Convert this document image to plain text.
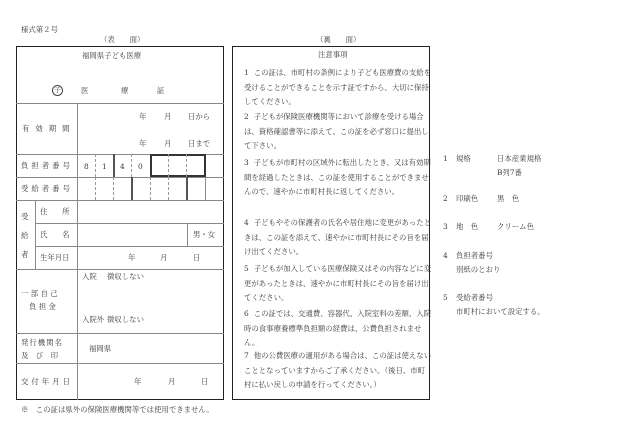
様式第２号
（表　　面）
福岡県子ども医療
子	医	療	証
有効期間
年 月 日から
年 月 日まで
負担者番号 8 1 4 0
受給者番号
受
給
者
住　　所
氏　　名	男・女
生年月日	年	月	日
一 部 自 己
負 担 金
入院 徴収しない
入院外 徴収しない
発行機関名
及　び　印
福岡県
交付年月日	年	月	日
※　この証は県外の保険医療機関等では使用できません。
（裏　　面）
注意事項
1 この証は、市町村の条例により子ども医療費の支給を受けることができることを示す証ですから、大切に保持してください。
2 子どもが保険医療機関等において診療を受ける場合は、資格確認書等に添えて、この証を必ず窓口に提出して下さい。
3 子どもが市町村の区域外に転出したとき、又は有効期間を経過したときは、この証を使用することができませんので、速やかに市町村長に返してください。
4 子どもやその保護者の氏名や居住地に変更があったときは、この証を添えて、速やかに市町村長にその旨を届け出てください。
5 子どもが加入している医療保険又はその内容などに変更があったときは、速やかに市町村長にその旨を届け出てください。
6 この証では、交通費、容器代、入院室料の差額、入院時の食事療養標準負担額の経費は、公費負担されません。
7 他の公費医療の適用がある場合は、この証は使えないこととなっていますからご了承ください。（後日、市町村に払い戻しの申請を行ってください。）
1 規格	日本産業規格
B列7番
2 印刷色	黒　色
3 地　色	クリーム色
4 負担者番号
別紙のとおり
5 受給者番号
市町村において設定する。
